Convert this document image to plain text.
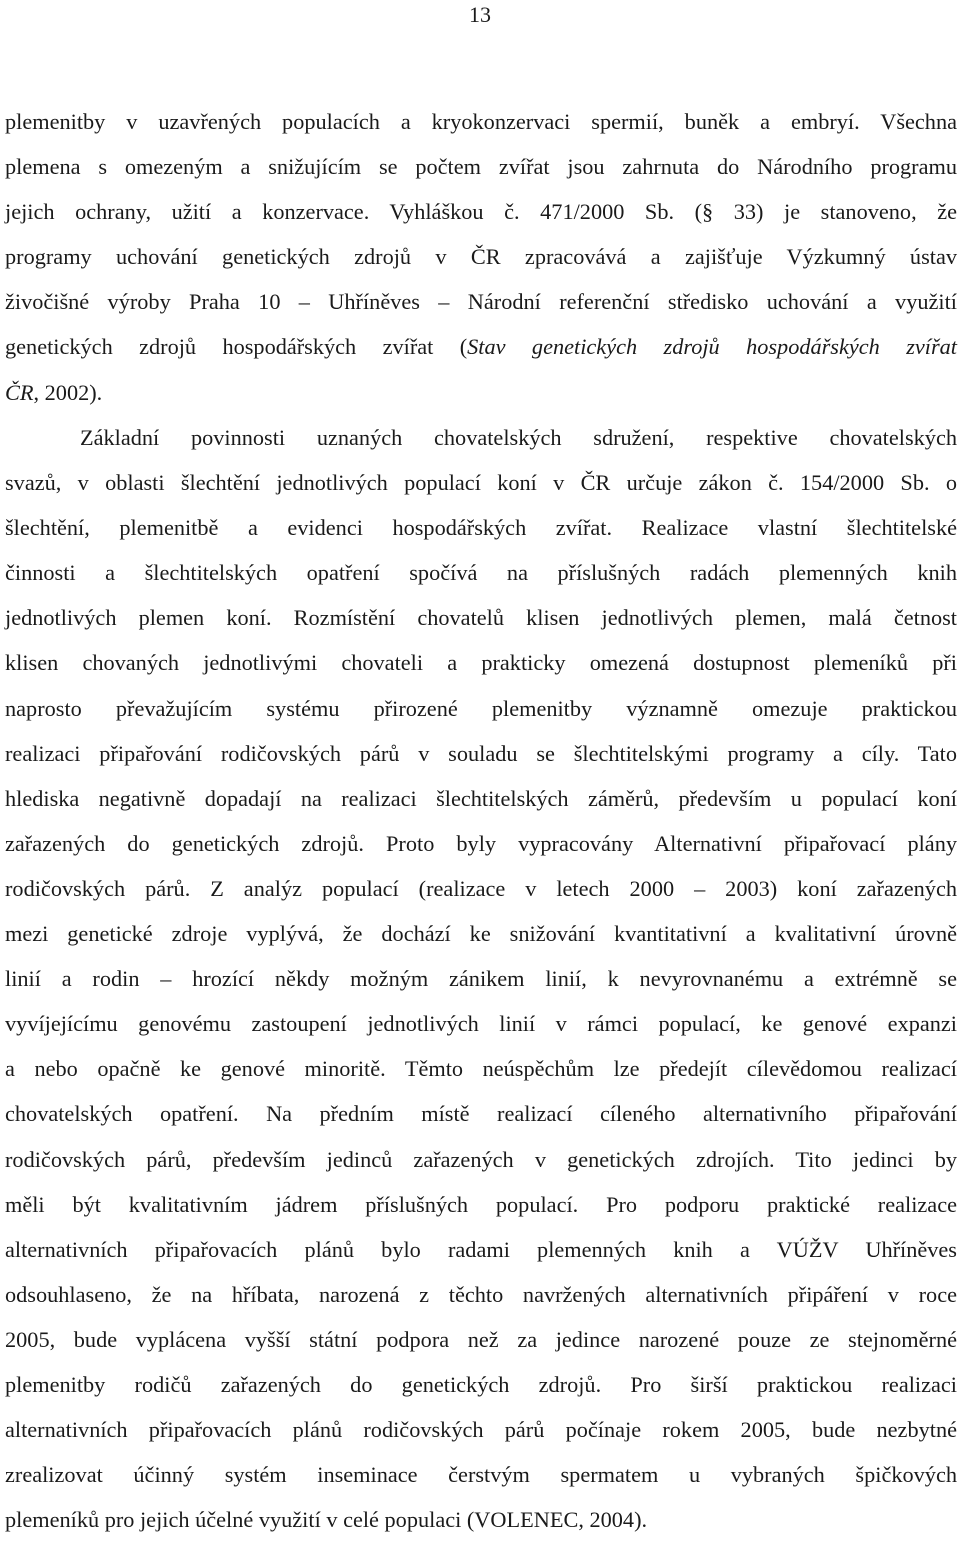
13
plemenitby v uzavřených populacích a kryokonzervaci spermií, buněk a embryí. Všechna
plemena s omezeným a snižujícím se počtem zvířat jsou zahrnuta do Národního programu
jejich ochrany, užití a konzervace. Vyhláškou č. 471/2000 Sb. (§ 33) je stanoveno, že
programy uchování genetických zdrojů v ČR zpracovává a zajišťuje Výzkumný ústav
živočišné výroby Praha 10 – Uhříněves – Národní referenční středisko uchování a využití
genetických zdrojů hospodářských zvířat (Stav genetických zdrojů hospodářských zvířat
ČR, 2002).
Základní povinnosti uznaných chovatelských sdružení, respektive chovatelských
svazů, v oblasti šlechtění jednotlivých populací koní v ČR určuje zákon č. 154/2000 Sb. o
šlechtění, plemenitbě a evidenci hospodářských zvířat. Realizace vlastní šlechtitelské
činnosti a šlechtitelských opatření spočívá na příslušných radách plemenných knih
jednotlivých plemen koní. Rozmístění chovatelů klisen jednotlivých plemen, malá četnost
klisen chovaných jednotlivými chovateli a prakticky omezená dostupnost plemeníků při
naprosto převažujícím systému přirozené plemenitby významně omezuje praktickou
realizaci připařování rodičovských párů v souladu se šlechtitelskými programy a cíly. Tato
hlediska negativně dopadají na realizaci šlechtitelských záměrů, především u populací koní
zařazených do genetických zdrojů. Proto byly vypracovány Alternativní připařovací plány
rodičovských párů. Z analýz populací (realizace v letech 2000 – 2003) koní zařazených
mezi genetické zdroje vyplývá, že dochází ke snižování kvantitativní a kvalitativní úrovně
linií a rodin – hrozící někdy možným zánikem linií, k nevyrovnanému a extrémně se
vyvíjejícímu genovému zastoupení jednotlivých linií v rámci populací, ke genové expanzi
a nebo opačně ke genové minoritě. Těmto neúspěchům lze předejít cílevědomou realizací
chovatelských opatření. Na předním místě realizací cíleného alternativního připařování
rodičovských párů, především jedinců zařazených v genetických zdrojích. Tito jedinci by
měli být kvalitativním jádrem příslušných populací. Pro podporu praktické realizace
alternativních připařovacích plánů bylo radami plemenných knih a VÚŽV Uhříněves
odsouhlaseno, že na hříbata, narozená z těchto navržených alternativních připáření v roce
2005, bude vyplácena vyšší státní podpora než za jedince narozené pouze ze stejnoměrné
plemenitby rodičů zařazených do genetických zdrojů. Pro širší praktickou realizaci
alternativních připařovacích plánů rodičovských párů počínaje rokem 2005, bude nezbytné
zrealizovat účinný systém inseminace čerstvým spermatem u vybraných špičkových
plemeníků pro jejich účelné využití v celé populaci (VOLENEC, 2004).
